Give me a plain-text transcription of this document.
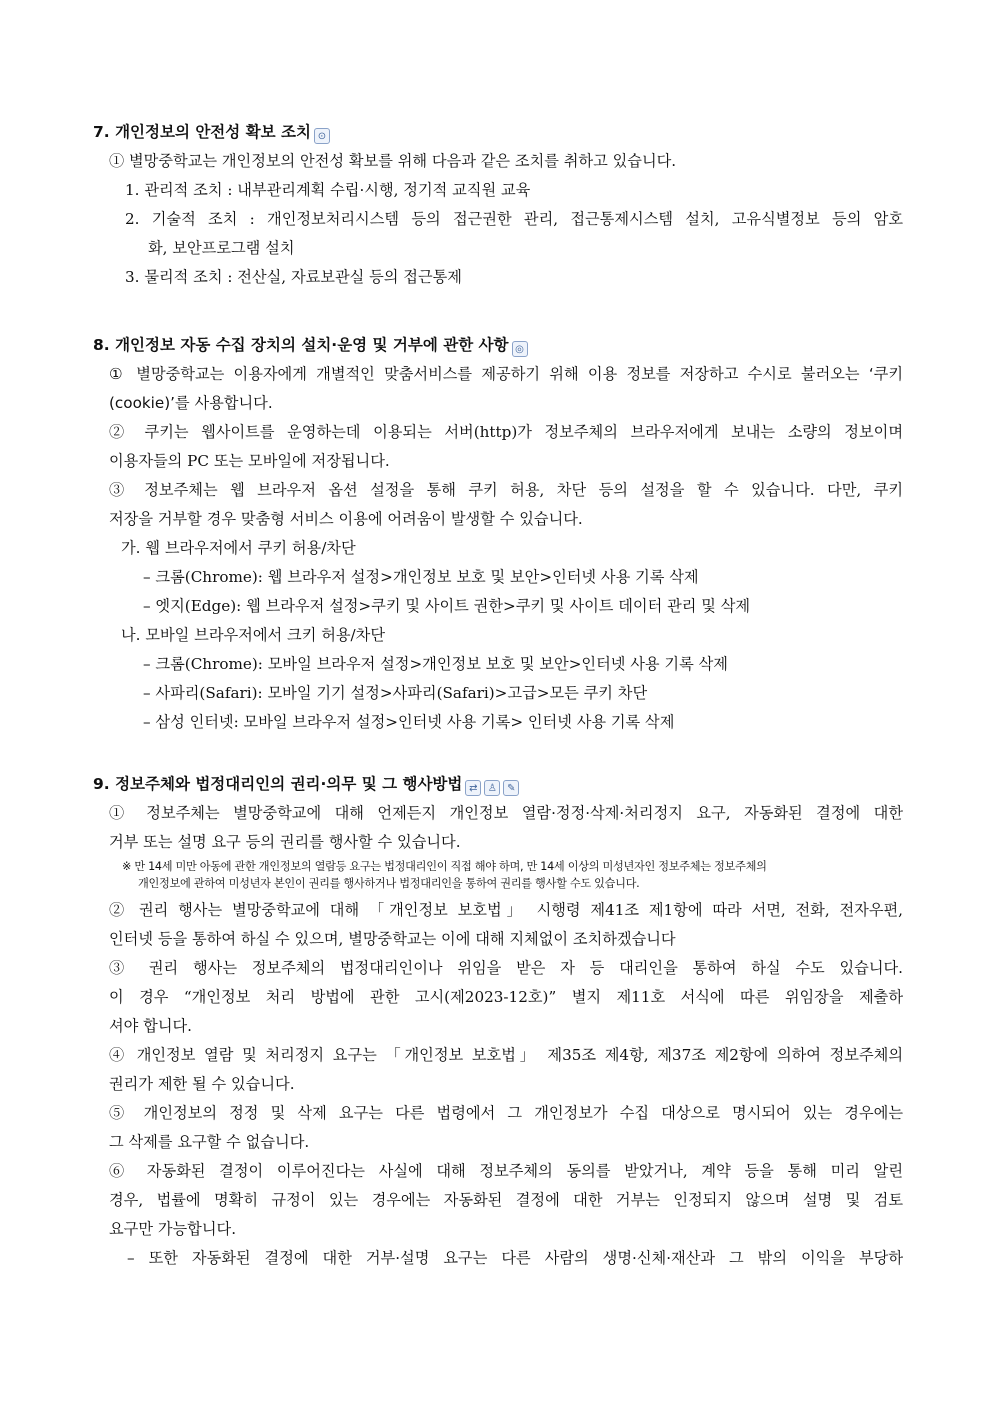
7. 개인정보의 안전성 확보 조치 ⊙
① 별망중학교는 개인정보의 안전성 확보를 위해 다음과 같은 조치를 취하고 있습니다.
1. 관리적 조치 : 내부관리계획 수립·시행, 정기적 교직원 교육
2. 기술적 조치 : 개인정보처리시스템 등의 접근권한 관리, 접근통제시스템 설치, 고유식별정보 등의 암호
화, 보안프로그램 설치
3. 물리적 조치 : 전산실, 자료보관실 등의 접근통제
8. 개인정보 자동 수집 장치의 설치·운영 및 거부에 관한 사항 ◎
① 별망중학교는 이용자에게 개별적인 맞춤서비스를 제공하기 위해 이용 정보를 저장하고 수시로 불러오는 ‘쿠키
(cookie)’를 사용합니다.
② 쿠키는 웹사이트를 운영하는데 이용되는 서버(http)가 정보주체의 브라우저에게 보내는 소량의 정보이며
이용자들의 PC 또는 모바일에 저장됩니다.
③ 정보주체는 웹 브라우저 옵션 설정을 통해 쿠키 허용, 차단 등의 설정을 할 수 있습니다. 다만, 쿠키
저장을 거부할 경우 맞춤형 서비스 이용에 어려움이 발생할 수 있습니다.
가. 웹 브라우저에서 쿠키 허용/차단
– 크롬(Chrome): 웹 브라우저 설정>개인정보 보호 및 보안>인터넷 사용 기록 삭제
– 엣지(Edge): 웹 브라우저 설정>쿠키 및 사이트 권한>쿠키 및 사이트 데이터 관리 및 삭제
나. 모바일 브라우저에서 크키 허용/차단
– 크롬(Chrome): 모바일 브라우저 설정>개인정보 보호 및 보안>인터넷 사용 기록 삭제
– 사파리(Safari): 모바일 기기 설정>사파리(Safari)>고급>모든 쿠키 차단
– 삼성 인터넷: 모바일 브라우저 설정>인터넷 사용 기록> 인터넷 사용 기록 삭제
9. 정보주체와 법정대리인의 권리·의무 및 그 행사방법 ⇄ ♙ ✎
① 정보주체는 별망중학교에 대해 언제든지 개인정보 열람·정정·삭제·처리정지 요구, 자동화된 결정에 대한
거부 또는 설명 요구 등의 권리를 행사할 수 있습니다.
※ 만 14세 미만 아동에 관한 개인정보의 열람등 요구는 법정대리인이 직접 해야 하며, 만 14세 이상의 미성년자인 정보주체는 정보주체의
개인정보에 관하여 미성년자 본인이 권리를 행사하거나 법정대리인을 통하여 권리를 행사할 수도 있습니다.
② 권리 행사는 별망중학교에 대해 「개인정보 보호법」 시행령 제41조 제1항에 따라 서면, 전화, 전자우편,
인터넷 등을 통하여 하실 수 있으며, 별망중학교는 이에 대해 지체없이 조치하겠습니다
③ 권리 행사는 정보주체의 법정대리인이나 위임을 받은 자 등 대리인을 통하여 하실 수도 있습니다.
이 경우 “개인정보 처리 방법에 관한 고시(제2023-12호)” 별지 제11호 서식에 따른 위임장을 제출하
셔야 합니다.
④ 개인정보 열람 및 처리정지 요구는 「개인정보 보호법」 제35조 제4항, 제37조 제2항에 의하여 정보주체의
권리가 제한 될 수 있습니다.
⑤ 개인정보의 정정 및 삭제 요구는 다른 법령에서 그 개인정보가 수집 대상으로 명시되어 있는 경우에는
그 삭제를 요구할 수 없습니다.
⑥ 자동화된 결정이 이루어진다는 사실에 대해 정보주체의 동의를 받았거나, 계약 등을 통해 미리 알린
경우, 법률에 명확히 규정이 있는 경우에는 자동화된 결정에 대한 거부는 인정되지 않으며 설명 및 검토
요구만 가능합니다.
– 또한 자동화된 결정에 대한 거부·설명 요구는 다른 사람의 생명·신체·재산과 그 밖의 이익을 부당하
